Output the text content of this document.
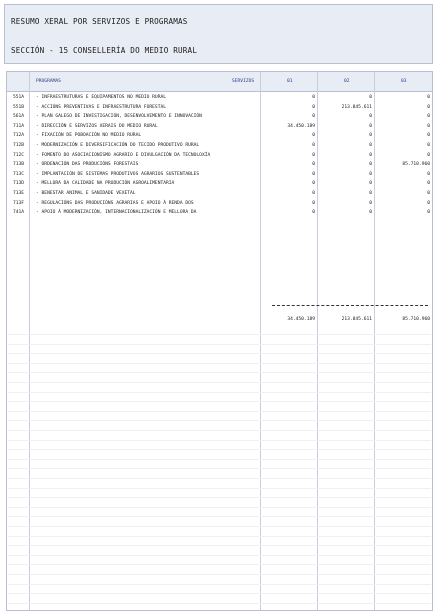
RESUMO XERAL POR SERVIZOS E PROGRAMAS
SECCIÓN - 15 CONSELLERÍA DO MEDIO RURAL
PROGRAMAS	SERVIZOS	01	02	03
551A	- INFRAESTRUTURAS E EQUIPAMENTOS NO MEDIO RURAL	0	0	0
551B	- ACCIÓNS PREVENTIVAS E INFRAESTRUTURA FORESTAL	0	213.845.611	0
561A	- PLAN GALEGO DE INVESTIGACIÓN, DESENVOLVEMENTO E INNOVACIÓN	0	0	0
711A	- DIRECCIÓN E SERVIZOS XERAIS DO MEDIO RURAL	34.450.189	0	0
712A	- FIXACIÓN DE POBOACIÓN NO MEDIO RURAL	0	0	0
712B	- MODERNIZACIÓN E DIVERSIFICACIÓN DO TECIDO PRODUTIVO RURAL	0	0	0
712C	- FOMENTO DO ASOCIACIONISMO AGRARIO E DIVULGACIÓN DA TECNOLOXÍA	0	0	0
713B	- ORDENACIÓN DAS PRODUCIÓNS FORESTAIS	0	0	85.710.960
713C	- IMPLANTACIÓN DE SISTEMAS PRODUTIVOS AGRARIOS SUSTENTABLES	0	0	0
713D	- MELLORA DA CALIDADE NA PRODUCIÓN AGROALIMENTARIA	0	0	0
713E	- BENESTAR ANIMAL E SANIDADE VEXETAL	0	0	0
713F	- REGULACIÓNS DAS PRODUCIÓNS AGRARIAS E APOIO Á RENDA DOS	0	0	0
741A	- APOIO Á MODERNIZACIÓN, INTERNACIONALIZACIÓN E MELLORA DA	0	0	0
34.450.189	213.845.611	85.710.960
